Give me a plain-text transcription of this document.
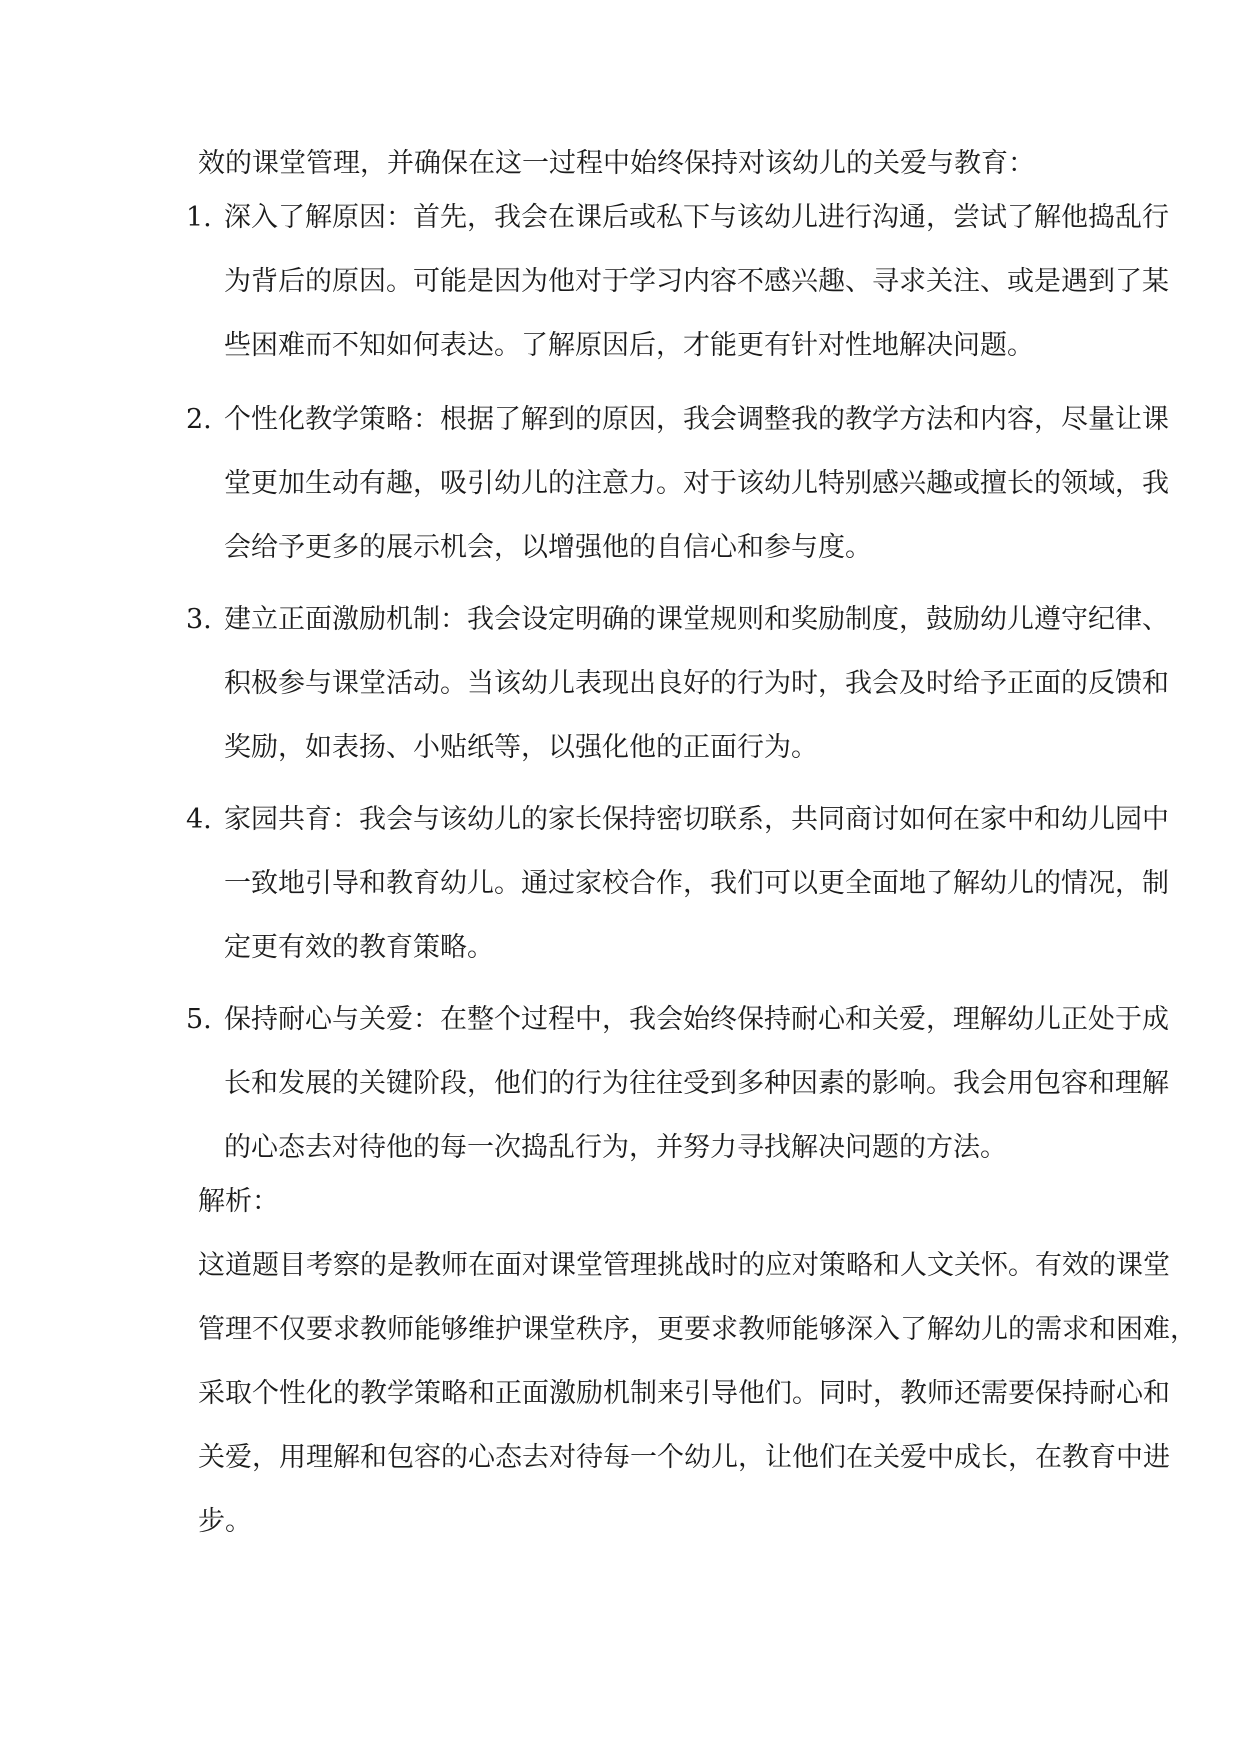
效的课堂管理，并确保在这一过程中始终保持对该幼儿的关爱与教育：
1. 深入了解原因：首先，我会在课后或私下与该幼儿进行沟通，尝试了解他捣乱行
为背后的原因。可能是因为他对于学习内容不感兴趣、寻求关注、或是遇到了某
些困难而不知如何表达。了解原因后，才能更有针对性地解决问题。
2. 个性化教学策略：根据了解到的原因，我会调整我的教学方法和内容，尽量让课
堂更加生动有趣，吸引幼儿的注意力。对于该幼儿特别感兴趣或擅长的领域，我
会给予更多的展示机会，以增强他的自信心和参与度。
3. 建立正面激励机制：我会设定明确的课堂规则和奖励制度，鼓励幼儿遵守纪律、
积极参与课堂活动。当该幼儿表现出良好的行为时，我会及时给予正面的反馈和
奖励，如表扬、小贴纸等，以强化他的正面行为。
4. 家园共育：我会与该幼儿的家长保持密切联系，共同商讨如何在家中和幼儿园中
一致地引导和教育幼儿。通过家校合作，我们可以更全面地了解幼儿的情况，制
定更有效的教育策略。
5. 保持耐心与关爱：在整个过程中，我会始终保持耐心和关爱，理解幼儿正处于成
长和发展的关键阶段，他们的行为往往受到多种因素的影响。我会用包容和理解
的心态去对待他的每一次捣乱行为，并努力寻找解决问题的方法。
解析：
这道题目考察的是教师在面对课堂管理挑战时的应对策略和人文关怀。有效的课堂
管理不仅要求教师能够维护课堂秩序，更要求教师能够深入了解幼儿的需求和困难，
采取个性化的教学策略和正面激励机制来引导他们。同时，教师还需要保持耐心和
关爱，用理解和包容的心态去对待每一个幼儿，让他们在关爱中成长，在教育中进
步。
